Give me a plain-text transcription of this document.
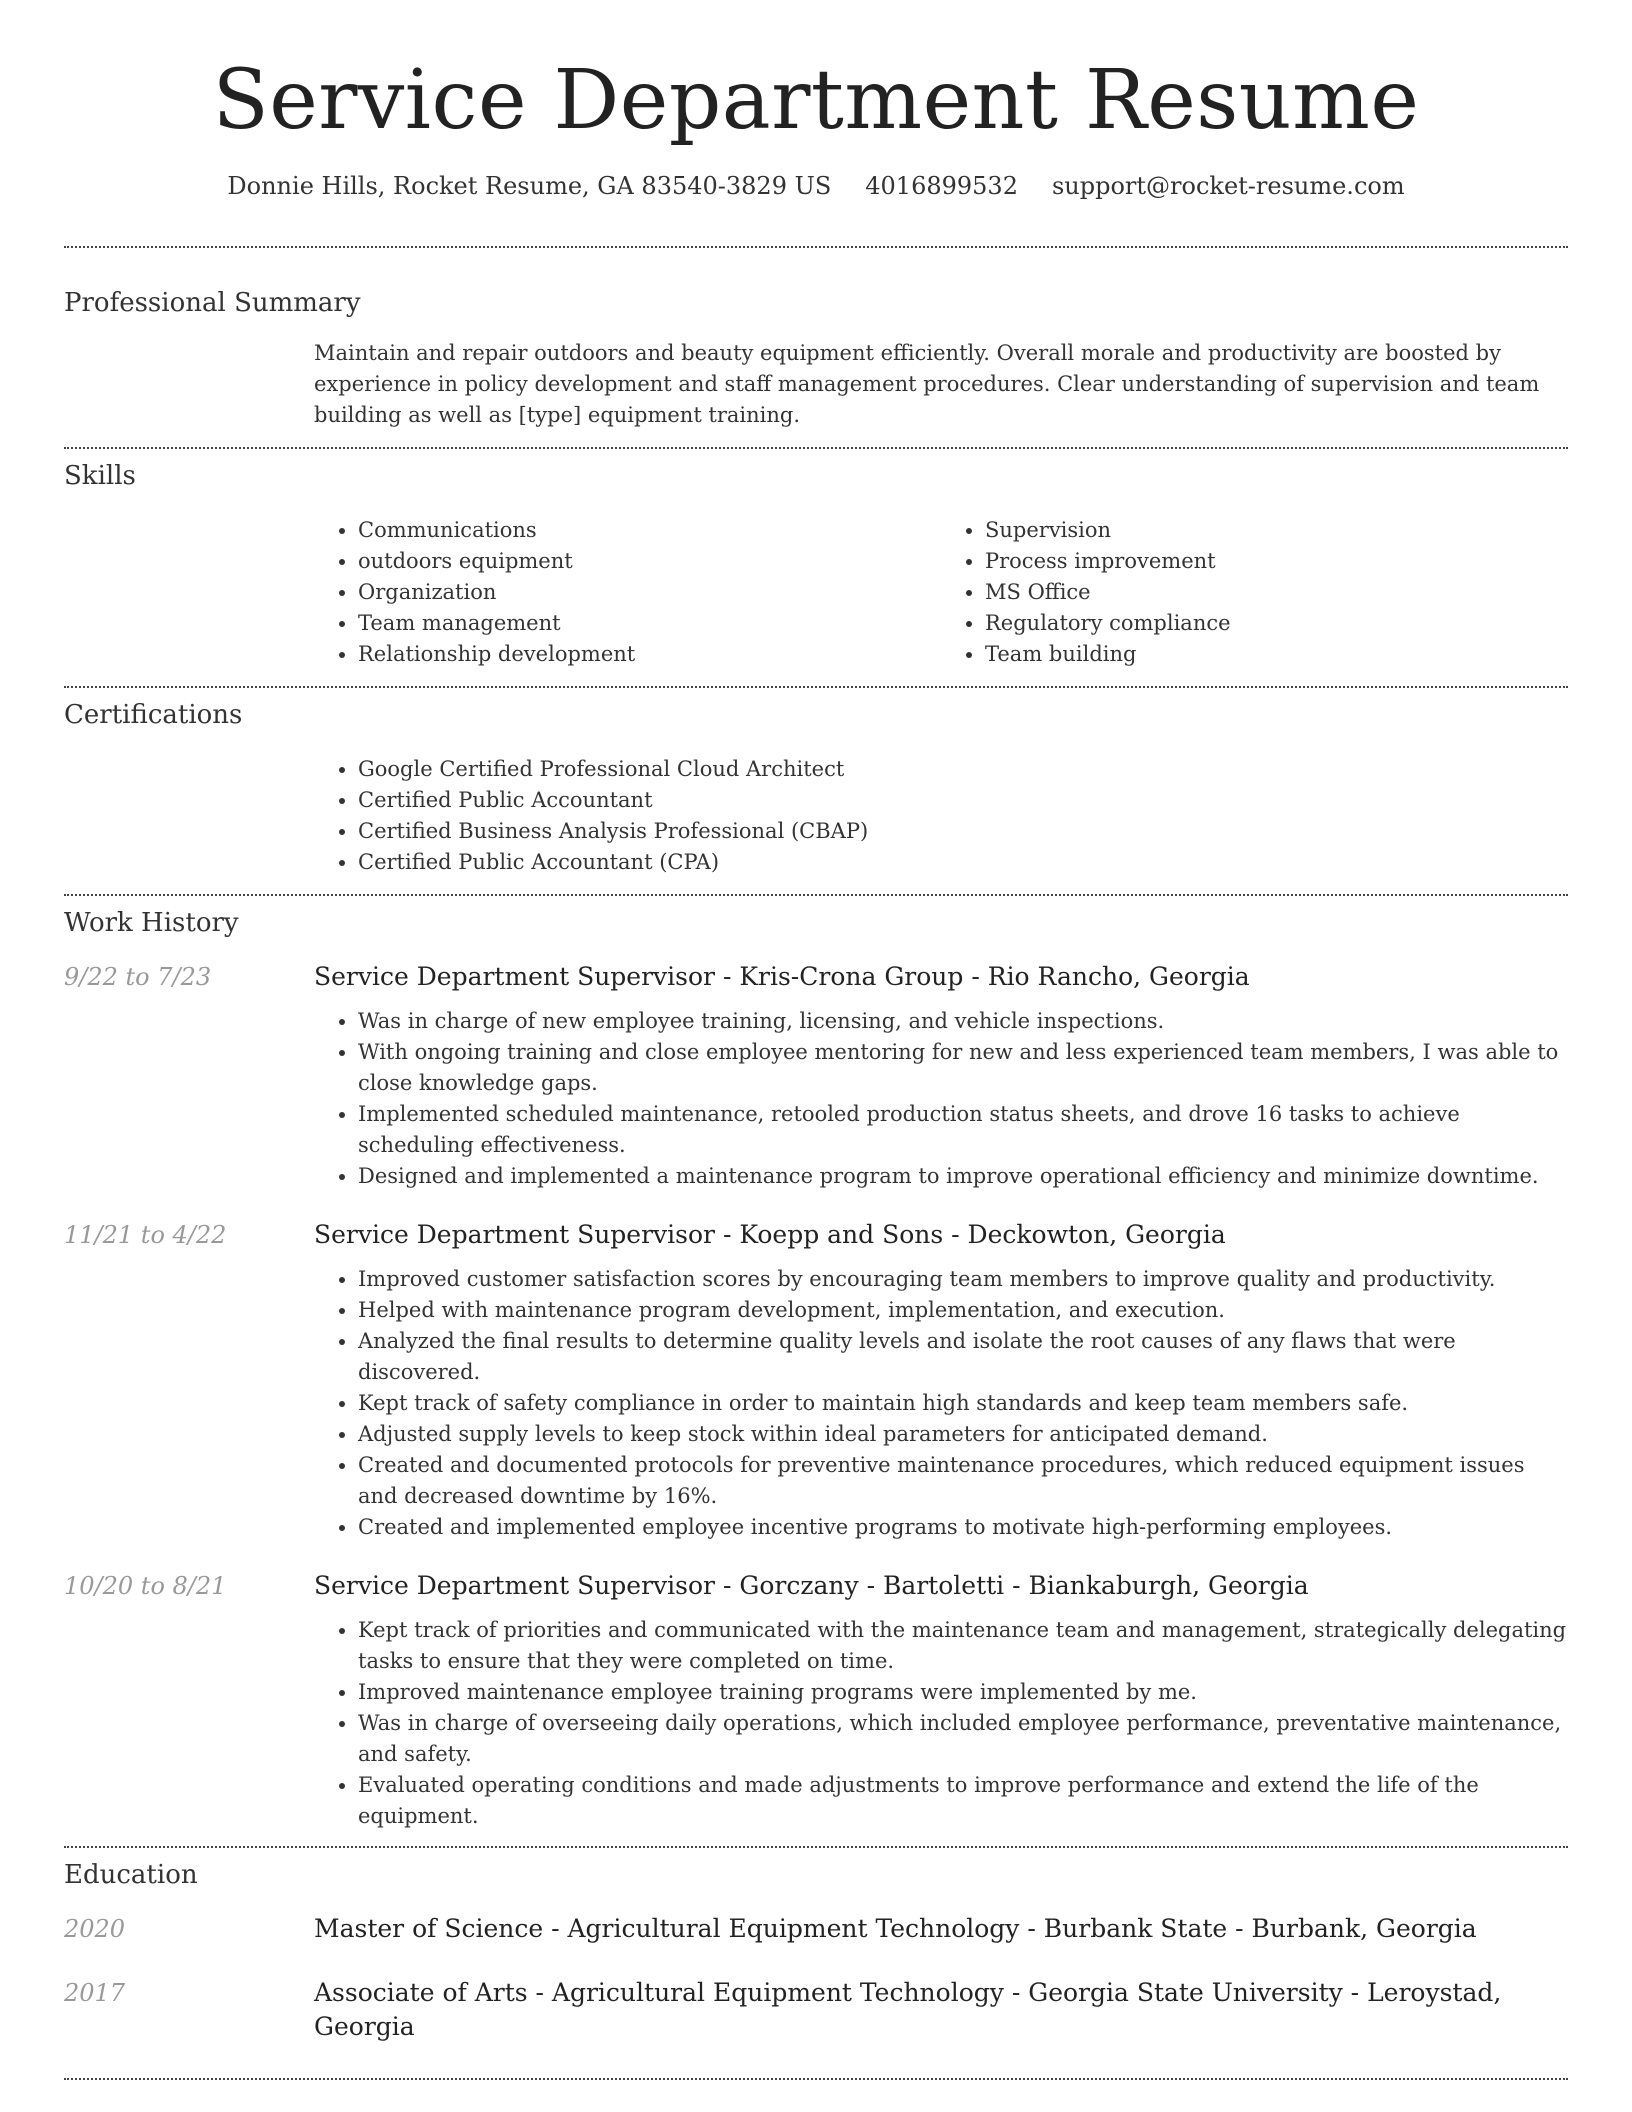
Service Department Resume
Donnie Hills, Rocket Resume, GA 83540-3829 US 4016899532 support@rocket-resume.com
Professional Summary
Maintain and repair outdoors and beauty equipment efficiently. Overall morale and productivity are boosted by experience in policy development and staff management procedures. Clear understanding of supervision and team building as well as [type] equipment training.
Skills
• Communications
• outdoors equipment
• Organization
• Team management
• Relationship development
• Supervision
• Process improvement
• MS Office
• Regulatory compliance
• Team building
Certifications
• Google Certified Professional Cloud Architect
• Certified Public Accountant
• Certified Business Analysis Professional (CBAP)
• Certified Public Accountant (CPA)
Work History
9/22 to 7/23	Service Department Supervisor - Kris-Crona Group - Rio Rancho, Georgia
• Was in charge of new employee training, licensing, and vehicle inspections.
• With ongoing training and close employee mentoring for new and less experienced team members, I was able to close knowledge gaps.
• Implemented scheduled maintenance, retooled production status sheets, and drove 16 tasks to achieve scheduling effectiveness.
• Designed and implemented a maintenance program to improve operational efficiency and minimize downtime.
11/21 to 4/22	Service Department Supervisor - Koepp and Sons - Deckowton, Georgia
• Improved customer satisfaction scores by encouraging team members to improve quality and productivity.
• Helped with maintenance program development, implementation, and execution.
• Analyzed the final results to determine quality levels and isolate the root causes of any flaws that were discovered.
• Kept track of safety compliance in order to maintain high standards and keep team members safe.
• Adjusted supply levels to keep stock within ideal parameters for anticipated demand.
• Created and documented protocols for preventive maintenance procedures, which reduced equipment issues and decreased downtime by 16%.
• Created and implemented employee incentive programs to motivate high-performing employees.
10/20 to 8/21	Service Department Supervisor - Gorczany - Bartoletti - Biankaburgh, Georgia
• Kept track of priorities and communicated with the maintenance team and management, strategically delegating tasks to ensure that they were completed on time.
• Improved maintenance employee training programs were implemented by me.
• Was in charge of overseeing daily operations, which included employee performance, preventative maintenance, and safety.
• Evaluated operating conditions and made adjustments to improve performance and extend the life of the equipment.
Education
2020	Master of Science - Agricultural Equipment Technology - Burbank State - Burbank, Georgia
2017	Associate of Arts - Agricultural Equipment Technology - Georgia State University - Leroystad, Georgia
